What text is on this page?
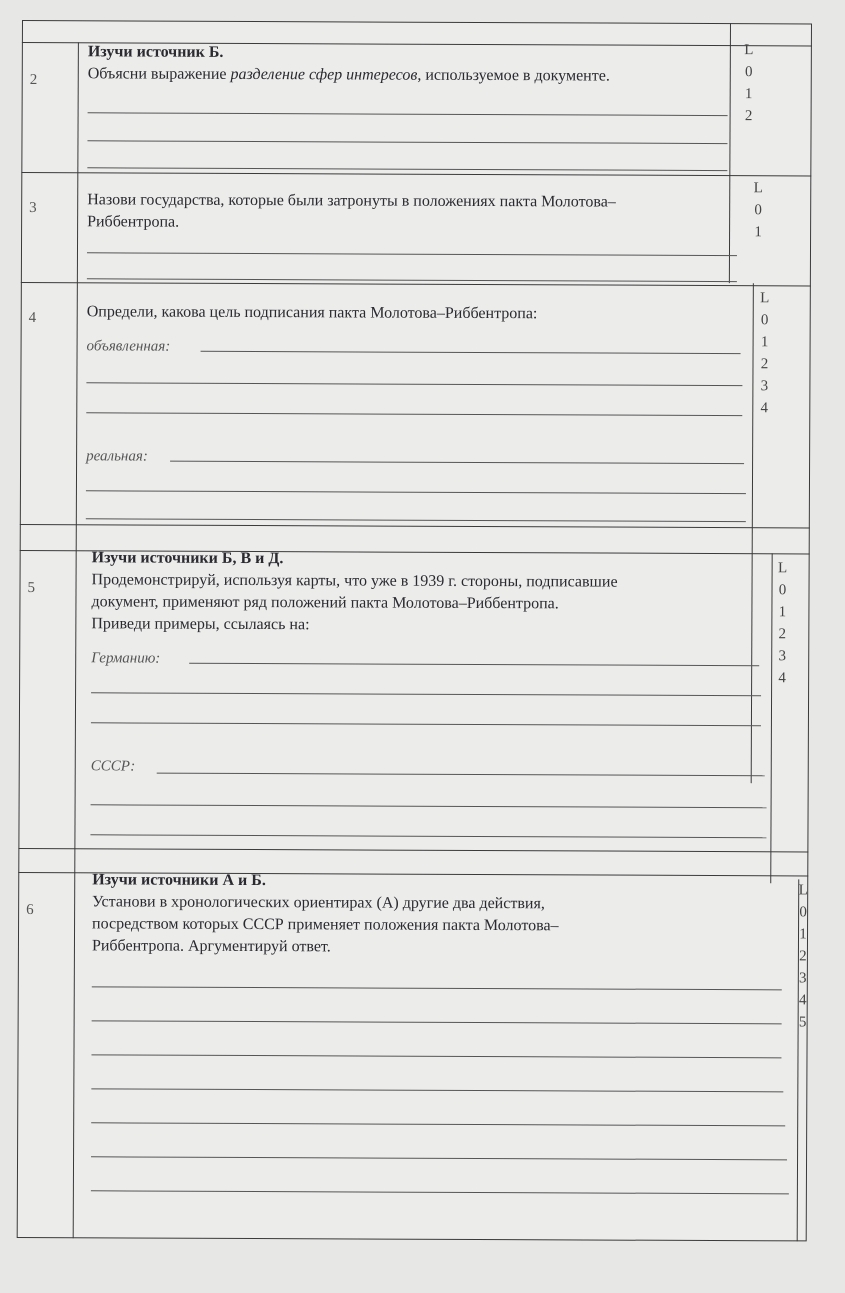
2
Изучи источник Б.
Объясни выражение разделение сфер интересов, используемое в документе.
L
0
1
2
3	Назови государства, которые были затронуты в положениях пакта Молотова–
Риббентропа.
L
0
1
4	Определи, какова цель подписания пакта Молотова–Риббентропа:
объявленная:
реальная:
L
0
1
2
3
4
5
Изучи источники Б, В и Д.
Продемонстрируй, используя карты, что уже в 1939 г. стороны, подписавшие
документ, применяют ряд положений пакта Молотова–Риббентропа.
Приведи примеры, ссылаясь на:
Германию:
СССР:
L
0
1
2
3
4
6
Изучи источники А и Б.
Установи в хронологических ориентирах (А) другие два действия,
посредством которых СССР применяет положения пакта Молотова–
Риббентропа. Аргументируй ответ.
L
0
1
2
3
4
5
